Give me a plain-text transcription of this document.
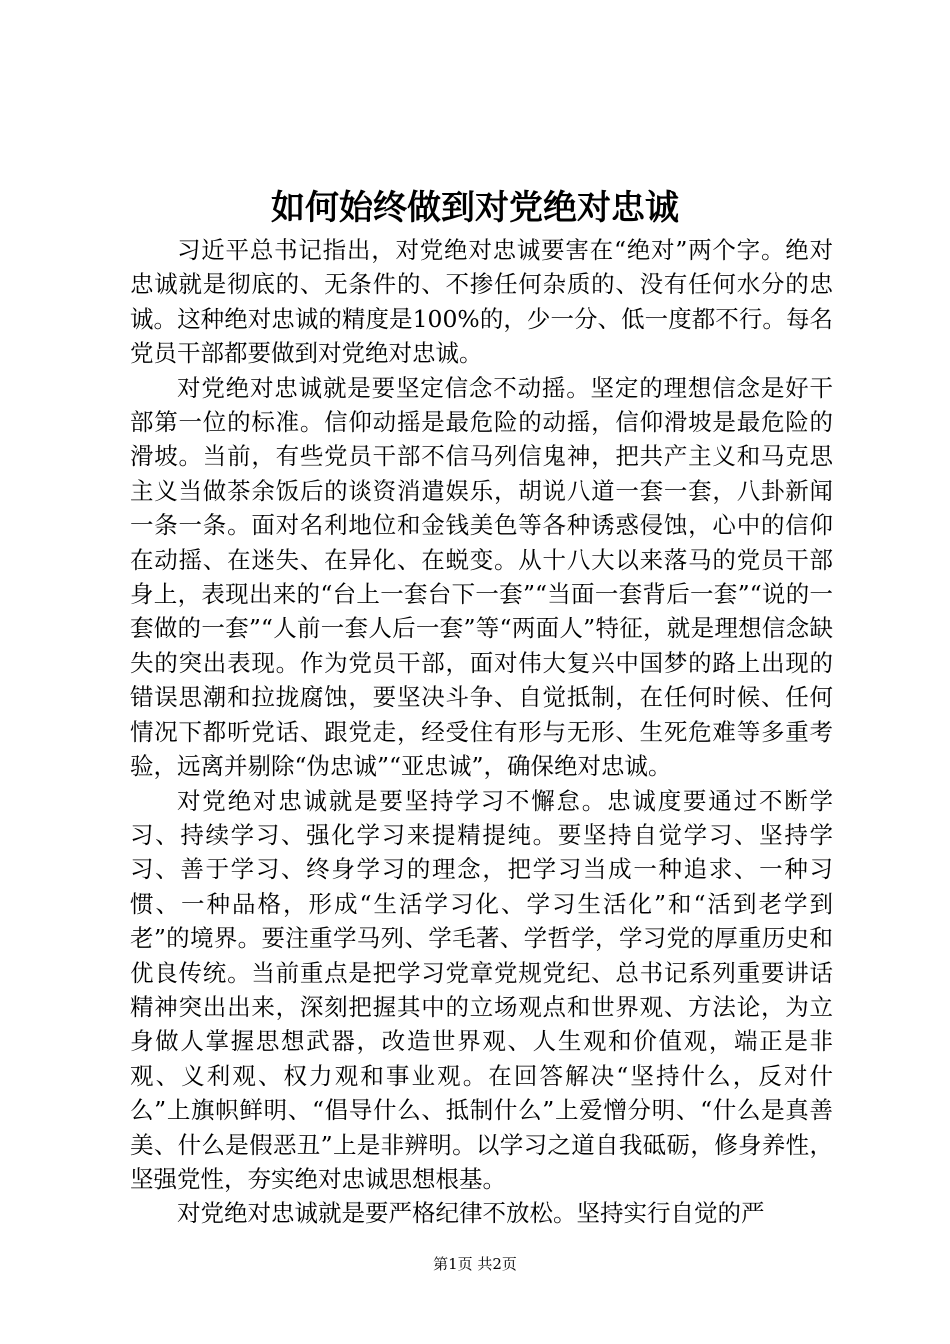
如何始终做到对党绝对忠诚

习近平总书记指出，对党绝对忠诚要害在“绝对”两个字。绝对忠诚就是彻底的、无条件的、不掺任何杂质的、没有任何水分的忠诚。这种绝对忠诚的精度是100%的，少一分、低一度都不行。每名党员干部都要做到对党绝对忠诚。

对党绝对忠诚就是要坚定信念不动摇。坚定的理想信念是好干部第一位的标准。信仰动摇是最危险的动摇，信仰滑坡是最危险的滑坡。当前，有些党员干部不信马列信鬼神，把共产主义和马克思主义当做茶余饭后的谈资消遣娱乐，胡说八道一套一套，八卦新闻一条一条。面对名利地位和金钱美色等各种诱惑侵蚀，心中的信仰在动摇、在迷失、在异化、在蜕变。从十八大以来落马的党员干部身上，表现出来的“台上一套台下一套”“当面一套背后一套”“说的一套做的一套”“人前一套人后一套”等“两面人”特征，就是理想信念缺失的突出表现。作为党员干部，面对伟大复兴中国梦的路上出现的错误思潮和拉拢腐蚀，要坚决斗争、自觉抵制，在任何时候、任何情况下都听党话、跟党走，经受住有形与无形、生死危难等多重考验，远离并剔除“伪忠诚”“亚忠诚”，确保绝对忠诚。

对党绝对忠诚就是要坚持学习不懈怠。忠诚度要通过不断学习、持续学习、强化学习来提精提纯。要坚持自觉学习、坚持学习、善于学习、终身学习的理念，把学习当成一种追求、一种习惯、一种品格，形成“生活学习化、学习生活化”和“活到老学到老”的境界。要注重学马列、学毛著、学哲学，学习党的厚重历史和优良传统。当前重点是把学习党章党规党纪、总书记系列重要讲话精神突出出来，深刻把握其中的立场观点和世界观、方法论，为立身做人掌握思想武器，改造世界观、人生观和价值观，端正是非观、义利观、权力观和事业观。在回答解决“坚持什么，反对什么”上旗帜鲜明、“倡导什么、抵制什么”上爱憎分明、“什么是真善美、什么是假恶丑”上是非辨明。以学习之道自我砥砺，修身养性，坚强党性，夯实绝对忠诚思想根基。

对党绝对忠诚就是要严格纪律不放松。坚持实行自觉的严

第1页 共2页
